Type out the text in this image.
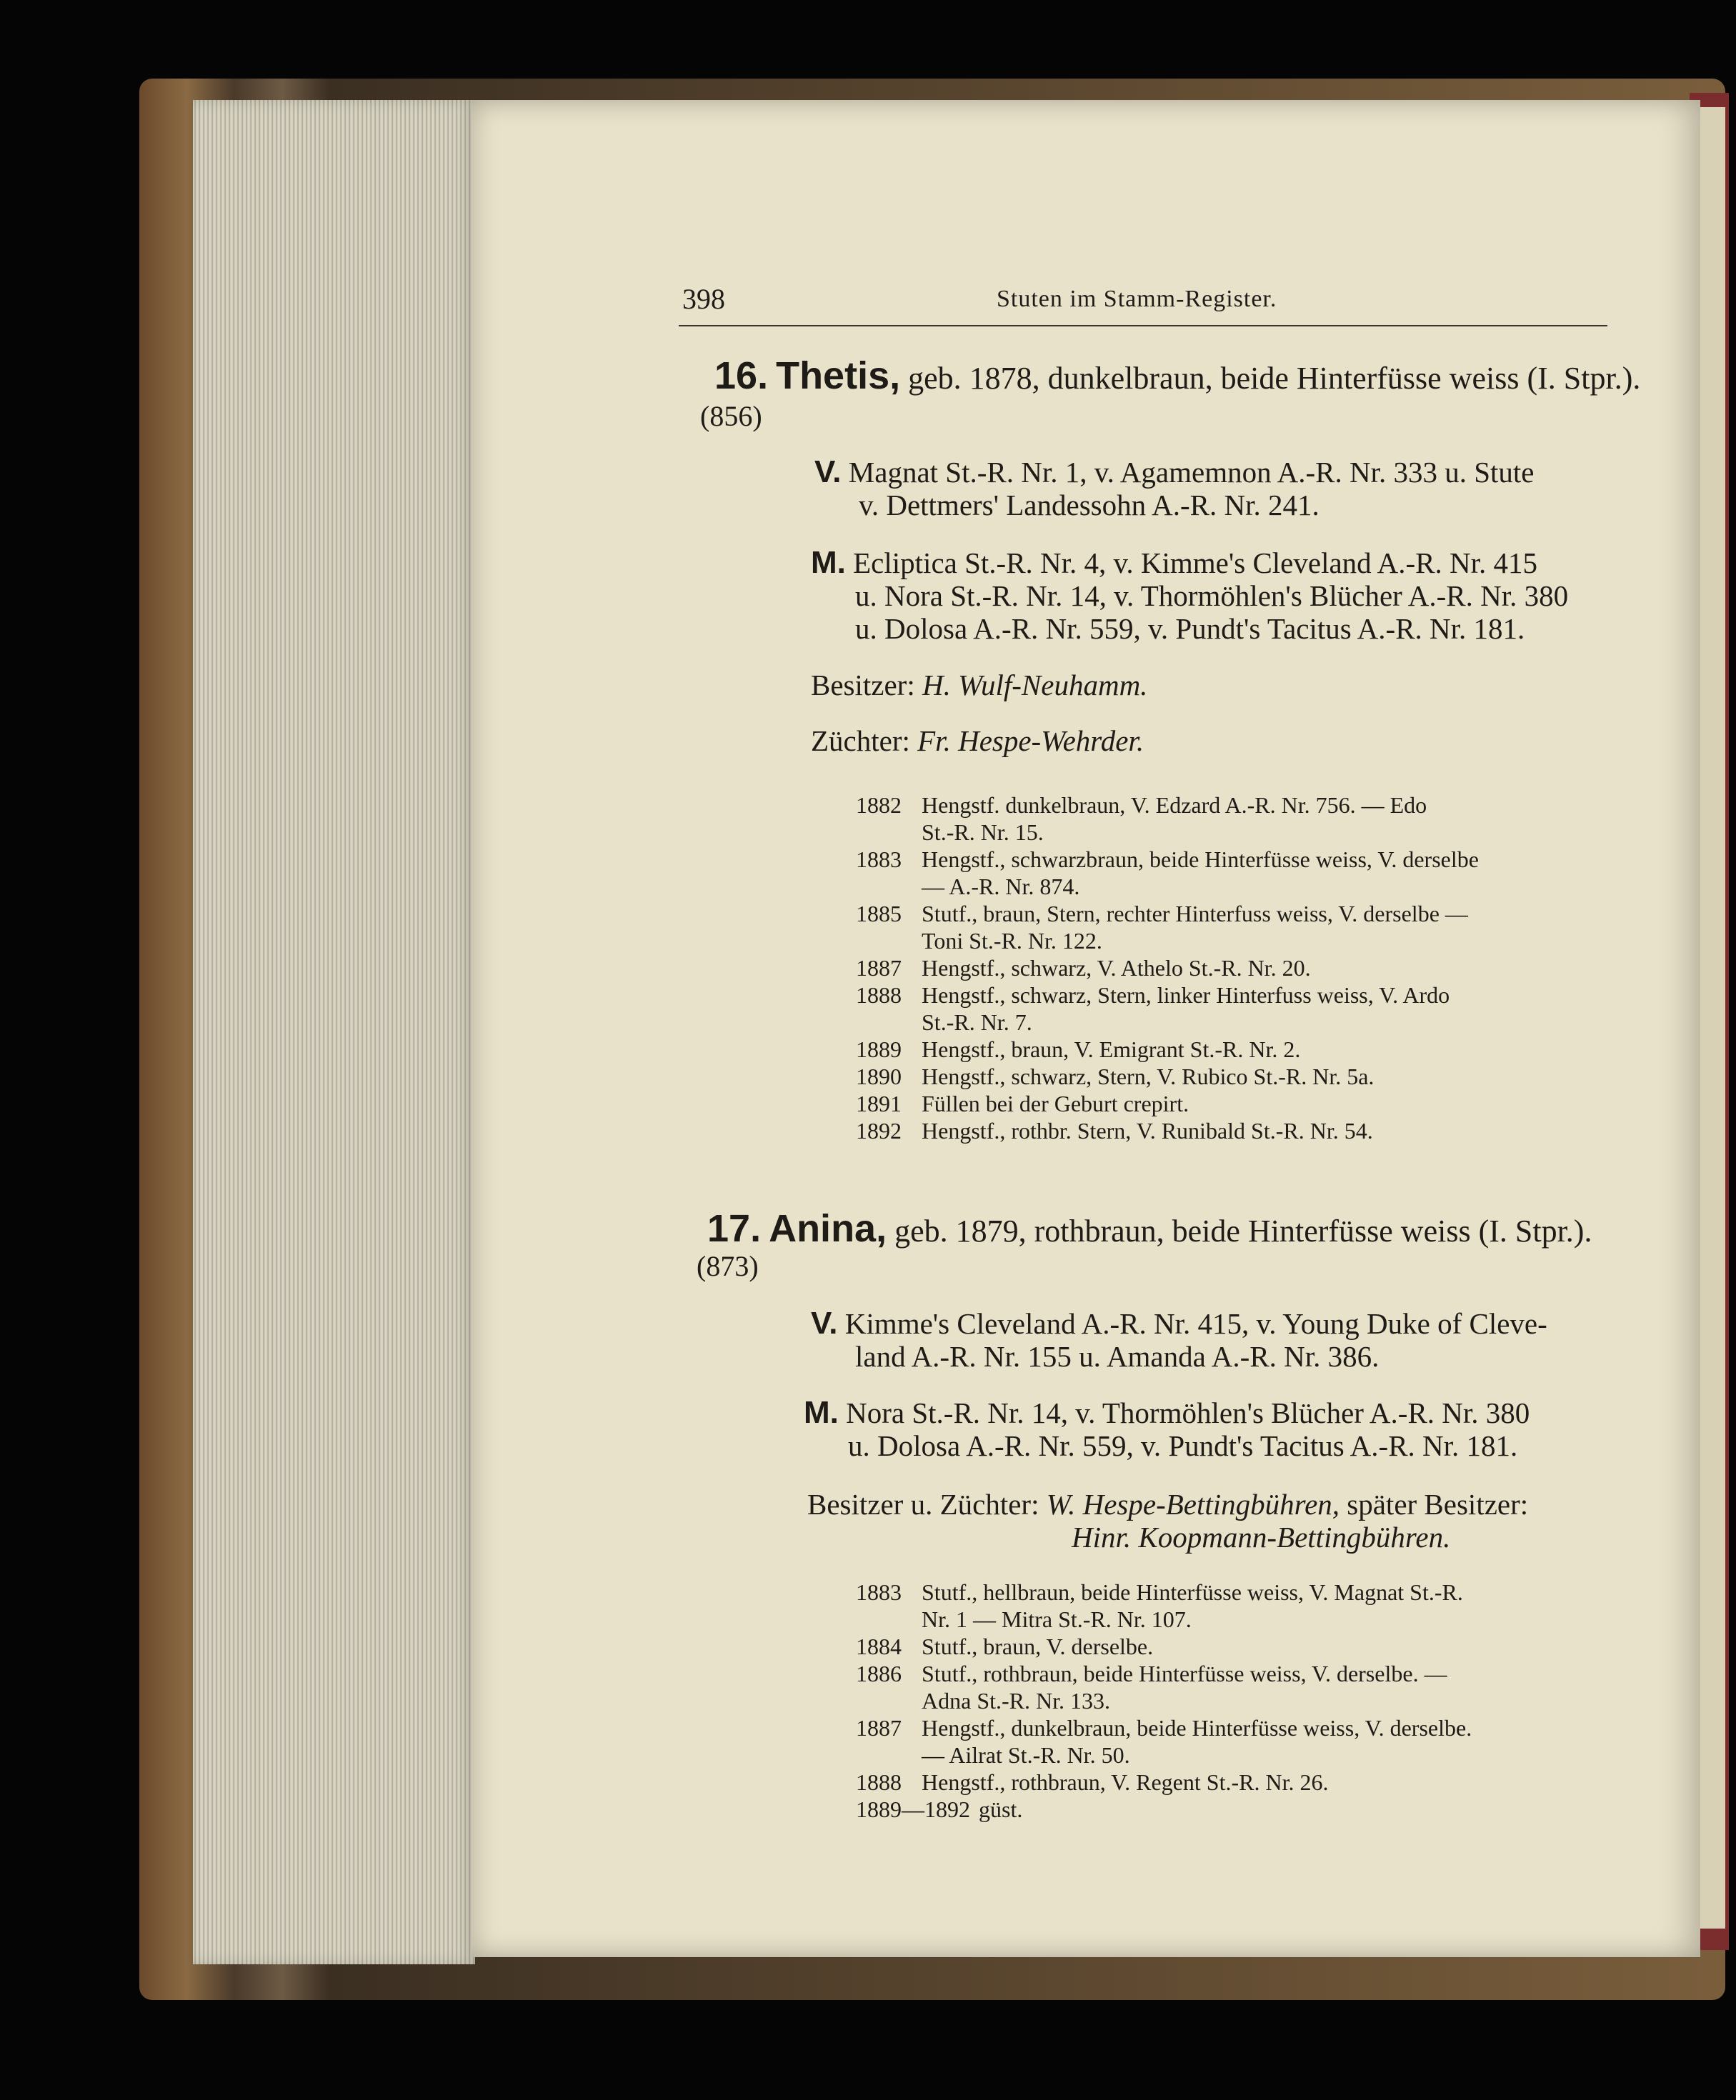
398	Stuten im Stamm-Register.
16. Thetis, geb. 1878, dunkelbraun, beide Hinterfüsse weiss (I. Stpr.).
(856)
V. Magnat St.-R. Nr. 1, v. Agamemnon A.-R. Nr. 333 u. Stute
v. Dettmers' Landessohn A.-R. Nr. 241.
M. Ecliptica St.-R. Nr. 4, v. Kimme's Cleveland A.-R. Nr. 415
u. Nora St.-R. Nr. 14, v. Thormöhlen's Blücher A.-R. Nr. 380
u. Dolosa A.-R. Nr. 559, v. Pundt's Tacitus A.-R. Nr. 181.
Besitzer: H. Wulf-Neuhamm.
Züchter: Fr. Hespe-Wehrder.
1882 Hengstf. dunkelbraun, V. Edzard A.-R. Nr. 756. — Edo
St.-R. Nr. 15.
1883 Hengstf., schwarzbraun, beide Hinterfüsse weiss, V. derselbe
— A.-R. Nr. 874.
1885 Stutf., braun, Stern, rechter Hinterfuss weiss, V. derselbe —
Toni St.-R. Nr. 122.
1887 Hengstf., schwarz, V. Athelo St.-R. Nr. 20.
1888 Hengstf., schwarz, Stern, linker Hinterfuss weiss, V. Ardo
St.-R. Nr. 7.
1889 Hengstf., braun, V. Emigrant St.-R. Nr. 2.
1890 Hengstf., schwarz, Stern, V. Rubico St.-R. Nr. 5a.
1891 Füllen bei der Geburt crepirt.
1892 Hengstf., rothbr. Stern, V. Runibald St.-R. Nr. 54.
17. Anina, geb. 1879, rothbraun, beide Hinterfüsse weiss (I. Stpr.).
(873)
V. Kimme's Cleveland A.-R. Nr. 415, v. Young Duke of Cleve-
land A.-R. Nr. 155 u. Amanda A.-R. Nr. 386.
M. Nora St.-R. Nr. 14, v. Thormöhlen's Blücher A.-R. Nr. 380
u. Dolosa A.-R. Nr. 559, v. Pundt's Tacitus A.-R. Nr. 181.
Besitzer u. Züchter: W. Hespe-Bettingbühren, später Besitzer:
Hinr. Koopmann-Bettingbühren.
1883 Stutf., hellbraun, beide Hinterfüsse weiss, V. Magnat St.-R.
Nr. 1 — Mitra St.-R. Nr. 107.
1884 Stutf., braun, V. derselbe.
1886 Stutf., rothbraun, beide Hinterfüsse weiss, V. derselbe. —
Adna St.-R. Nr. 133.
1887 Hengstf., dunkelbraun, beide Hinterfüsse weiss, V. derselbe.
— Ailrat St.-R. Nr. 50.
1888 Hengstf., rothbraun, V. Regent St.-R. Nr. 26.
1889—1892 güst.
